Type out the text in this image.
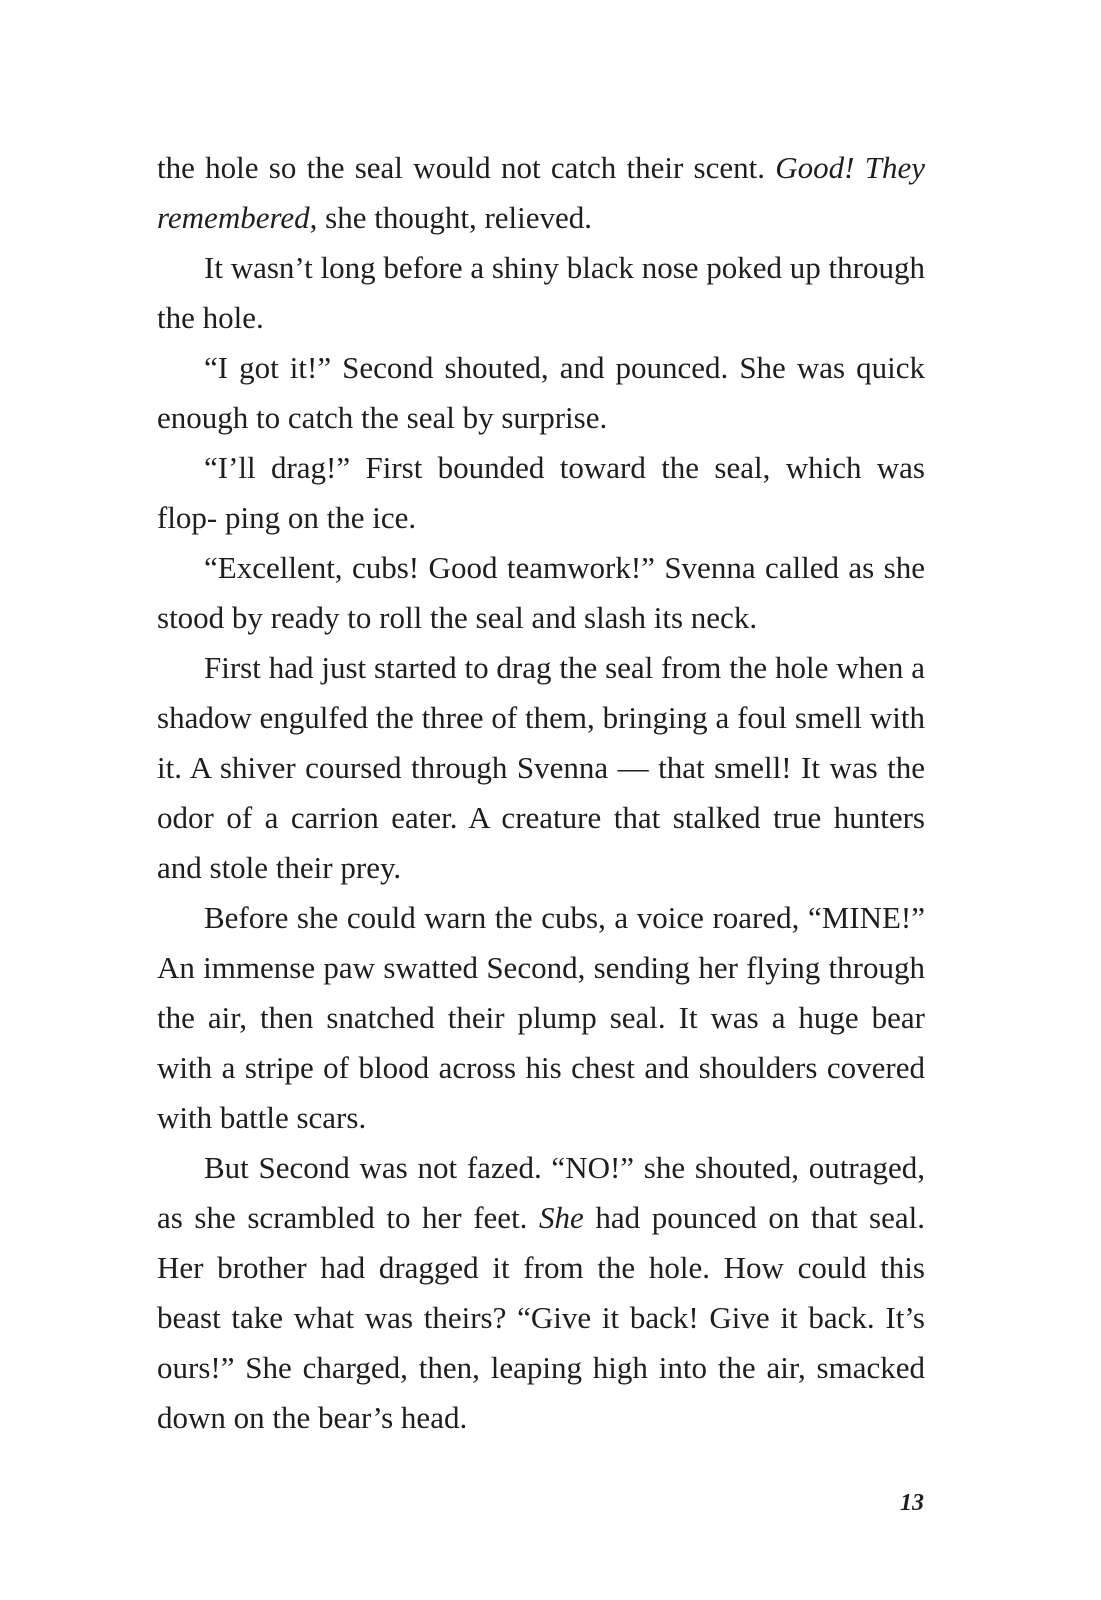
the hole so the seal would not catch their scent. Good! They remembered, she thought, relieved.

It wasn’t long before a shiny black nose poked up through the hole.

“I got it!” Second shouted, and pounced. She was quick enough to catch the seal by surprise.

“I’ll drag!” First bounded toward the seal, which was flop- ping on the ice.

“Excellent, cubs! Good teamwork!” Svenna called as she stood by ready to roll the seal and slash its neck.

First had just started to drag the seal from the hole when a shadow engulfed the three of them, bringing a foul smell with it. A shiver coursed through Svenna — that smell! It was the odor of a carrion eater. A creature that stalked true hunters and stole their prey.

Before she could warn the cubs, a voice roared, “MINE!” An immense paw swatted Second, sending her flying through the air, then snatched their plump seal. It was a huge bear with a stripe of blood across his chest and shoulders covered with battle scars.

But Second was not fazed. “NO!” she shouted, outraged, as she scrambled to her feet. She had pounced on that seal. Her brother had dragged it from the hole. How could this beast take what was theirs? “Give it back! Give it back. It’s ours!” She charged, then, leaping high into the air, smacked down on the bear’s head.

13
